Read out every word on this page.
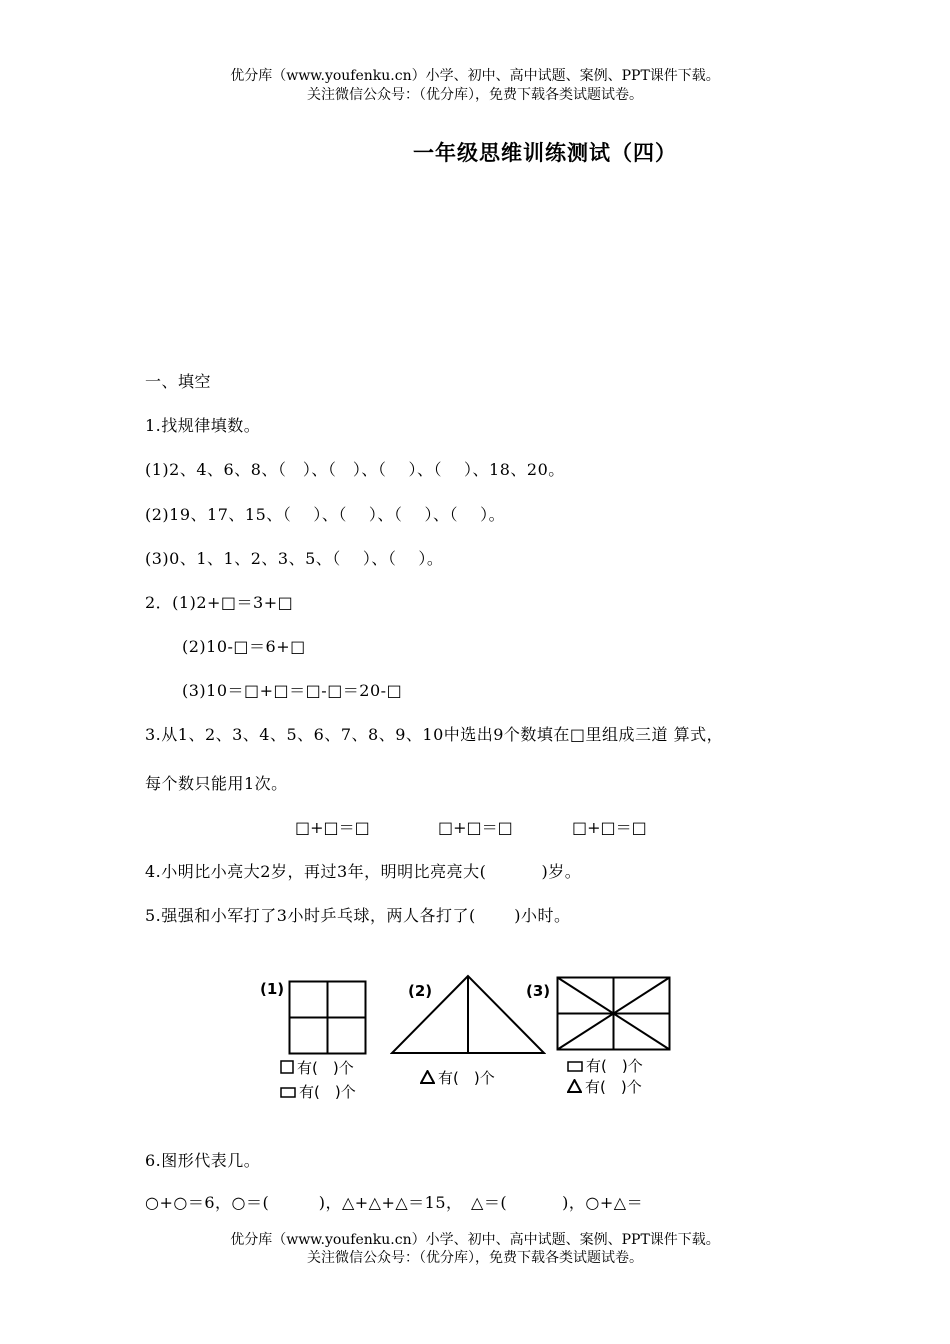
优分库（www.youfenku.cn）小学、初中、高中试题、案例、PPT课件下载。
关注微信公众号：（优分库），免费下载各类试题试卷。
一年级思维训练测试（四）
一、填空
1.找规律填数。
(1)2、4、6、8、（　）、（　）、（　 ）、（　 ）、18、20。
(2)19、17、15、（　 ）、（　 ）、（　 ）、（　 ）。
(3)0、1、1、2、3、5、（　 ）、（　 ）。
2．(1)2+□＝3+□
(2)10-□＝6+□
(3)10＝□+□＝□-□＝20-□
3.从1、2、3、4、5、6、7、8、9、10中选出9个数填在□里组成三道 算式，
每个数只能用1次。
□+□＝□	□+□＝□	□+□＝□
4.小明比小亮大2岁，再过3年，明明比亮亮大(　　　 )岁。
5.强强和小军打了3小时乒乓球，两人各打了(　　 )小时。
(1)
有(　)个
有(　)个
(2)
有(　)个
(3)
有(　)个
有(　)个
6.图形代表几。
○+○＝6，○＝(　　　)，△+△+△＝15，　△＝(　　　 )，○+△＝
优分库（www.youfenku.cn）小学、初中、高中试题、案例、PPT课件下载。
关注微信公众号：（优分库），免费下载各类试题试卷。
